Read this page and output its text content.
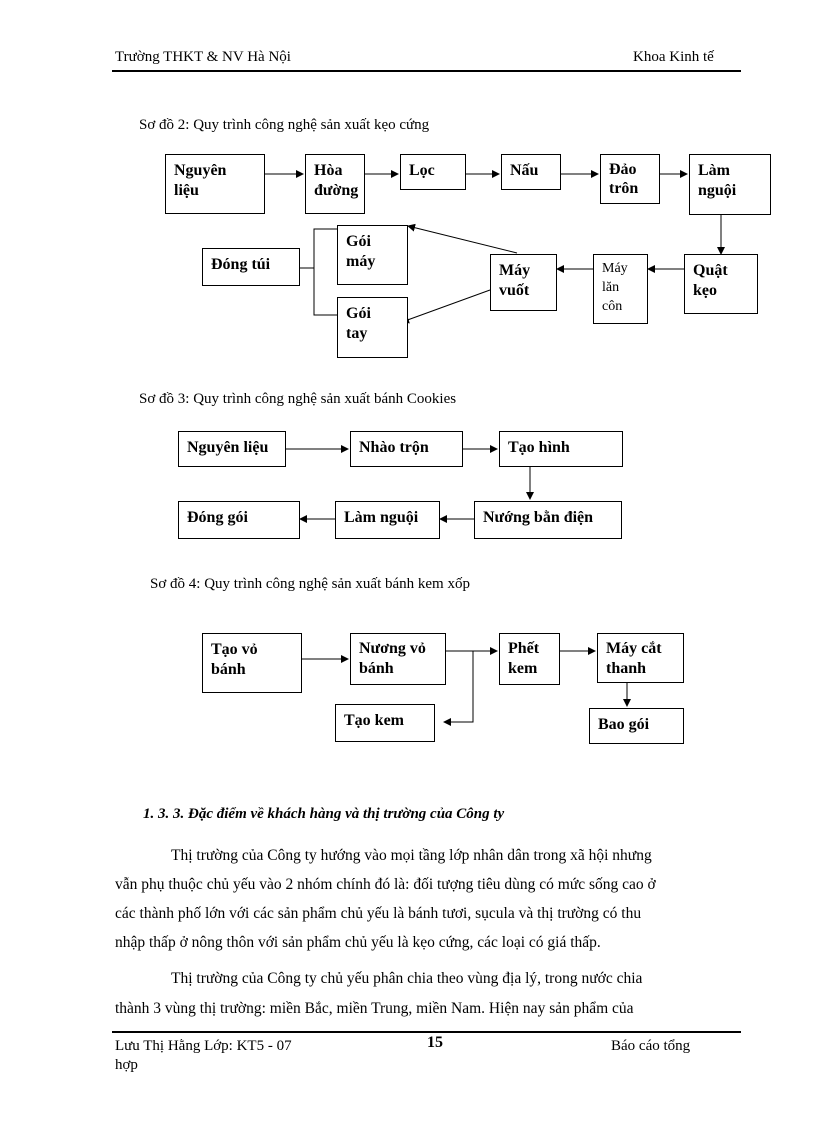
Trường THKT & NV Hà Nội	Khoa Kinh tế
Sơ đồ 2: Quy trình công nghệ sản xuất kẹo cứng
Nguyên
liệu
Hòa
đường
Lọc	Nấu	Đảo
trôn
Làm
nguội
Quật
kẹo
Máy
lăn
côn
Máy
vuốt
Gói
máy
Gói
tay
Đóng túi
Sơ đồ 3: Quy trình công nghệ sản xuất bánh Cookies
Nguyên liệu	Nhào trộn	Tạo hình
Nướng bằn điện
Làm nguội
Đóng gói
Sơ đồ 4: Quy trình công nghệ sản xuất bánh kem xốp
Tạo vỏ
bánh
Nương vỏ
bánh
Phết
kem
Máy cắt
thanh
Tạo kem	Bao gói
1. 3. 3. Đặc điểm về khách hàng và thị trường của Công ty
Thị trường của Công ty hướng vào mọi tầng lớp nhân dân trong xã hội nhưng
vẫn phụ thuộc chủ yếu vào 2 nhóm chính đó là: đối tượng tiêu dùng có mức sống cao ở
các thành phố lớn với các sản phẩm chủ yếu là bánh tươi, sụcula và thị trường có thu
nhập thấp ở nông thôn với sản phẩm chủ yếu là kẹo cứng, các loại có giá thấp.
Thị trường của Công ty chủ yếu phân chia theo vùng địa lý, trong nước chia
thành 3 vùng thị trường: miền Bắc, miền Trung, miền Nam. Hiện nay sản phẩm của
Lưu Thị Hằng Lớp: KT5 - 07
hợp
15	Báo cáo tổng
